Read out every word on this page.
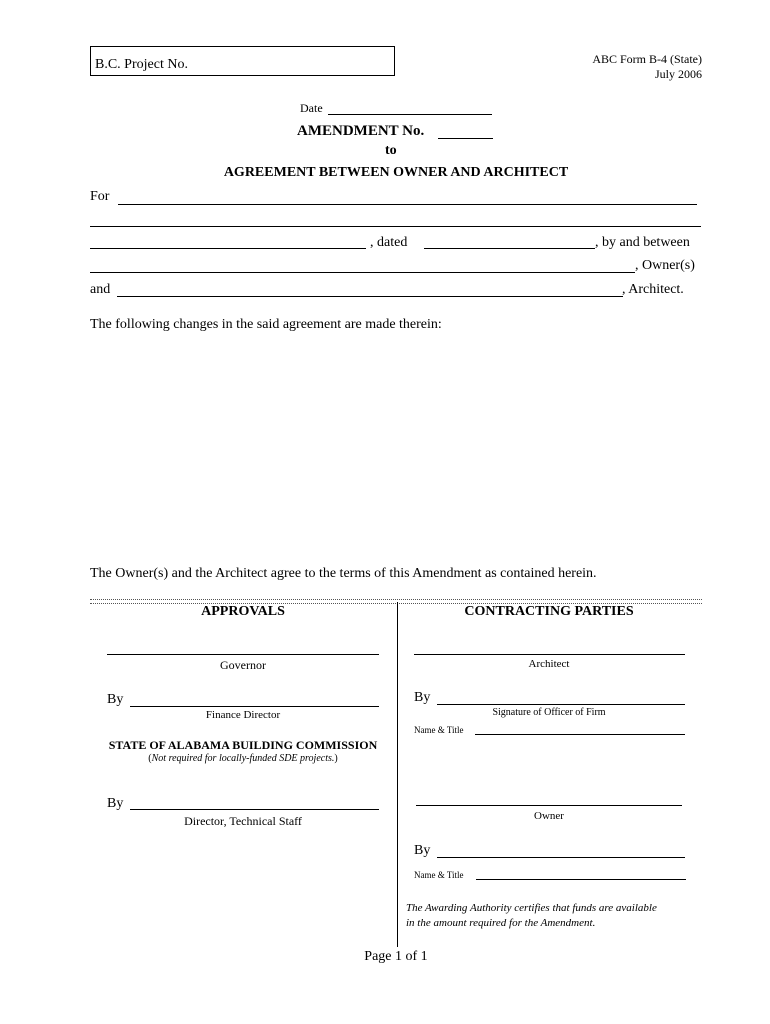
B.C. Project No.	ABC Form B-4 (State)
July 2006
Date
AMENDMENT No.
to
AGREEMENT BETWEEN OWNER AND ARCHITECT
For
, dated	, by and between
, Owner(s)
and	, Architect.
The following changes in the said agreement are made therein:
The Owner(s) and the Architect agree to the terms of this Amendment as contained herein.
APPROVALS
Governor
By
Finance Director
STATE OF ALABAMA BUILDING COMMISSION
(Not required for locally-funded SDE projects.)
By
Director, Technical Staff
CONTRACTING PARTIES
Architect
By
Signature of Officer of Firm
Name & Title
Owner
By
Name & Title
The Awarding Authority certifies that funds are available
in the amount required for the Amendment.
Page 1 of 1
